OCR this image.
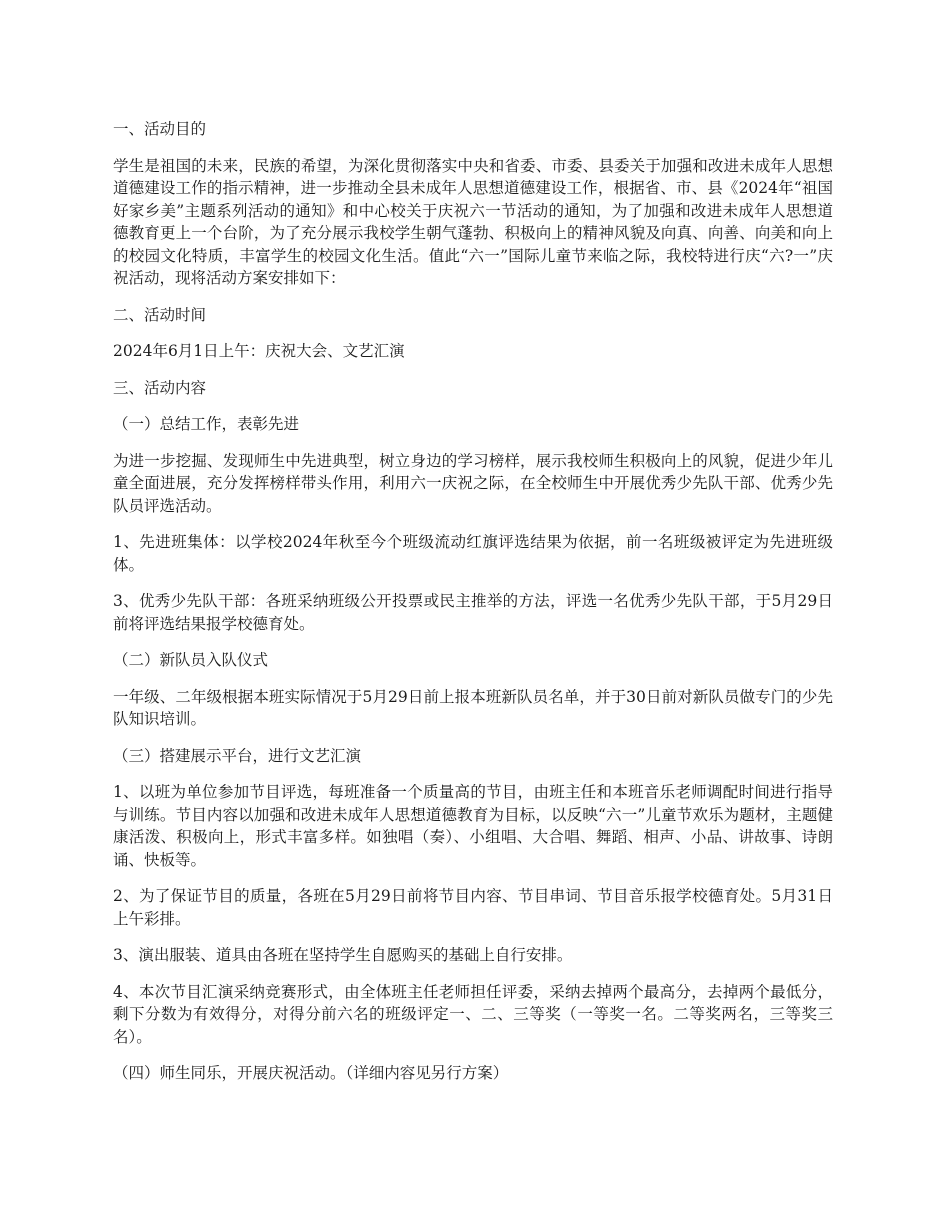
一、活动目的

学生是祖国的未来，民族的希望，为深化贯彻落实中央和省委、市委、县委关于加强和改进未成年人思想道德建设工作的指示精神，进一步推动全县未成年人思想道德建设工作，根据省、市、县《2024年“祖国好家乡美”主题系列活动的通知》和中心校关于庆祝六一节活动的通知，为了加强和改进未成年人思想道德教育更上一个台阶，为了充分展示我校学生朝气蓬勃、积极向上的精神风貌及向真、向善、向美和向上的校园文化特质，丰富学生的校园文化生活。值此“六一”国际儿童节来临之际，我校特进行庆“六?一”庆祝活动，现将活动方案安排如下：

二、活动时间

2024年6月1日上午：庆祝大会、文艺汇演

三、活动内容

（一）总结工作，表彰先进

为进一步挖掘、发现师生中先进典型，树立身边的学习榜样，展示我校师生积极向上的风貌，促进少年儿童全面进展，充分发挥榜样带头作用，利用六一庆祝之际，在全校师生中开展优秀少先队干部、优秀少先队员评选活动。

1、先进班集体：以学校2024年秋至今个班级流动红旗评选结果为依据，前一名班级被评定为先进班级体。

3、优秀少先队干部：各班采纳班级公开投票或民主推举的方法，评选一名优秀少先队干部，于5月29日前将评选结果报学校德育处。

（二）新队员入队仪式

一年级、二年级根据本班实际情况于5月29日前上报本班新队员名单，并于30日前对新队员做专门的少先队知识培训。

（三）搭建展示平台，进行文艺汇演

1、以班为单位参加节目评选，每班准备一个质量高的节目，由班主任和本班音乐老师调配时间进行指导与训练。节目内容以加强和改进未成年人思想道德教育为目标，以反映“六一”儿童节欢乐为题材，主题健康活泼、积极向上，形式丰富多样。如独唱（奏）、小组唱、大合唱、舞蹈、相声、小品、讲故事、诗朗诵、快板等。

2、为了保证节目的质量，各班在5月29日前将节目内容、节目串词、节目音乐报学校德育处。5月31日上午彩排。

3、演出服装、道具由各班在坚持学生自愿购买的基础上自行安排。

4、本次节目汇演采纳竞赛形式，由全体班主任老师担任评委，采纳去掉两个最高分，去掉两个最低分，剩下分数为有效得分，对得分前六名的班级评定一、二、三等奖（一等奖一名。二等奖两名，三等奖三名）。

（四）师生同乐，开展庆祝活动。（详细内容见另行方案）
